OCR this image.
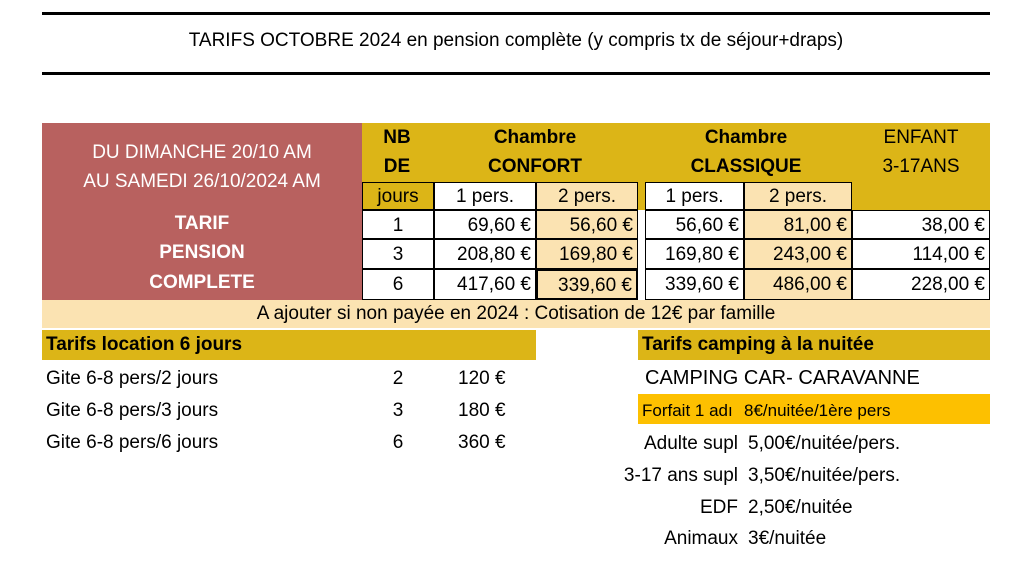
TARIFS OCTOBRE 2024 en pension complète (y compris tx de séjour+draps)
DU DIMANCHE 20/10 AM
AU SAMEDI 26/10/2024 AM
TARIF
PENSION
COMPLETE
NB
DE
jours
Chambre
CONFORT
Chambre
CLASSIQUE
ENFANT
3-17ANS
1 pers.	2 pers.	1 pers.	2 pers.
1	69,60 €	56,60 €	56,60 €	81,00 €	38,00 €
3	208,80 €	169,80 €	169,80 €	243,00 €	114,00 €
6	417,60 €	339,60 €	339,60 €	486,00 €	228,00 €
A ajouter si non payée en 2024 : Cotisation de 12€ par famille
Tarifs location 6 jours
Gite 6-8 pers/2 jours	2	120 €
Gite 6-8 pers/3 jours	3	180 €
Gite 6-8 pers/6 jours	6	360 €
Tarifs camping à la nuitée
CAMPING CAR- CARAVANNE
Forfait 1 adı 8€/nuitée/1ère pers
Adulte supl 5,00€/nuitée/pers.
3-17 ans supl 3,50€/nuitée/pers.
EDF 2,50€/nuitée
Animaux 3€/nuitée
